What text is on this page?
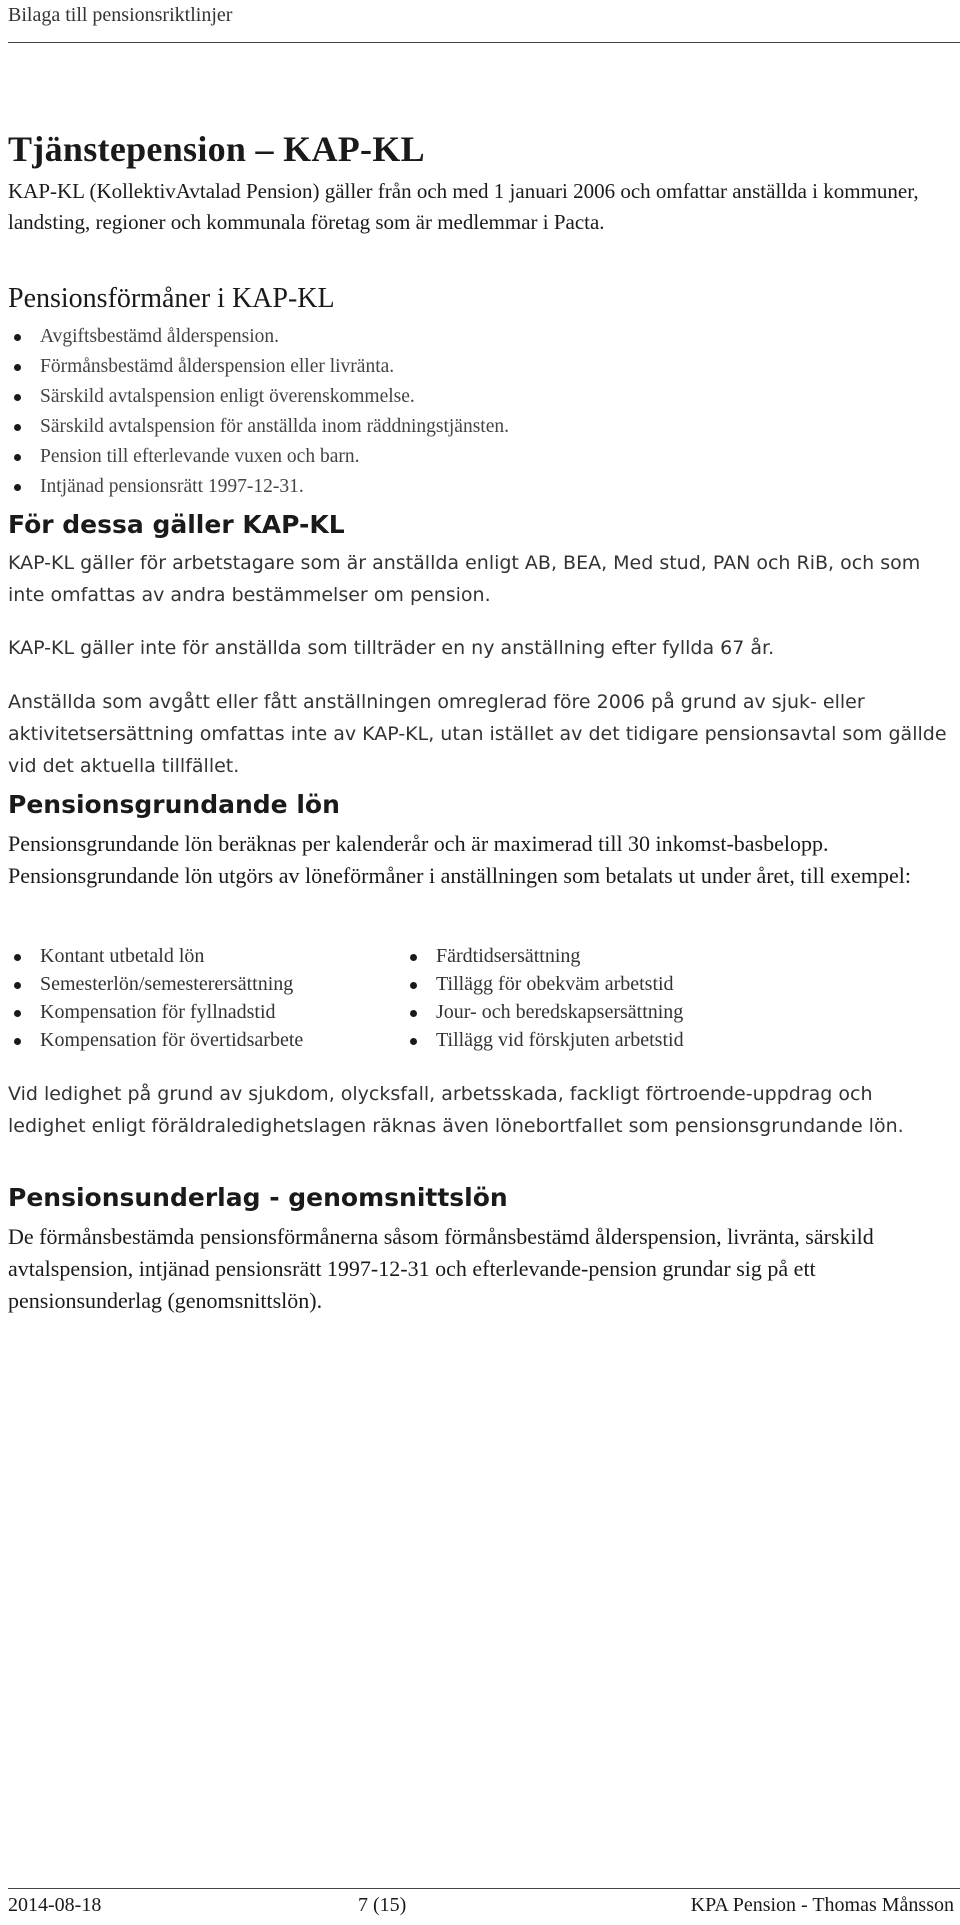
Bilaga till pensionsriktlinjer
Tjänstepension – KAP-KL

KAP-KL (KollektivAvtalad Pension) gäller från och med 1 januari 2006 och omfattar anställda i kommuner, landsting, regioner och kommunala företag som är medlemmar i Pacta.

Pensionsförmåner i KAP-KL
Avgiftsbestämd ålderspension.
Förmånsbestämd ålderspension eller livränta.
Särskild avtalspension enligt överenskommelse.
Särskild avtalspension för anställda inom räddningstjänsten.
Pension till efterlevande vuxen och barn.
Intjänad pensionsrätt 1997-12-31.
För dessa gäller KAP-KL

KAP-KL gäller för arbetstagare som är anställda enligt AB, BEA, Med stud, PAN och RiB, och som inte omfattas av andra bestämmelser om pension.

KAP-KL gäller inte för anställda som tillträder en ny anställning efter fyllda 67 år.

Anställda som avgått eller fått anställningen omreglerad före 2006 på grund av sjuk- eller aktivitetsersättning omfattas inte av KAP-KL, utan istället av det tidigare pensionsavtal som gällde vid det aktuella tillfället.

Pensionsgrundande lön

Pensionsgrundande lön beräknas per kalenderår och är maximerad till 30 inkomst-basbelopp. Pensionsgrundande lön utgörs av löneförmåner i anställningen som betalats ut under året, till exempel:

Kontant utbetald lön
Semesterlön/semesterersättning
Kompensation för fyllnadstid
Kompensation för övertidsarbete
Färdtidsersättning
Tillägg för obekväm arbetstid
Jour- och beredskapsersättning
Tillägg vid förskjuten arbetstid

Vid ledighet på grund av sjukdom, olycksfall, arbetsskada, fackligt förtroende-uppdrag och ledighet enligt föräldraledighetslagen räknas även lönebortfallet som pensionsgrundande lön.

Pensionsunderlag - genomsnittslön

De förmånsbestämda pensionsförmånerna såsom förmånsbestämd ålderspension, livränta, särskild avtalspension, intjänad pensionsrätt 1997-12-31 och efterlevande-pension grundar sig på ett pensionsunderlag (genomsnittslön).

2014-08-18	7 (15)	KPA Pension - Thomas Månsson
